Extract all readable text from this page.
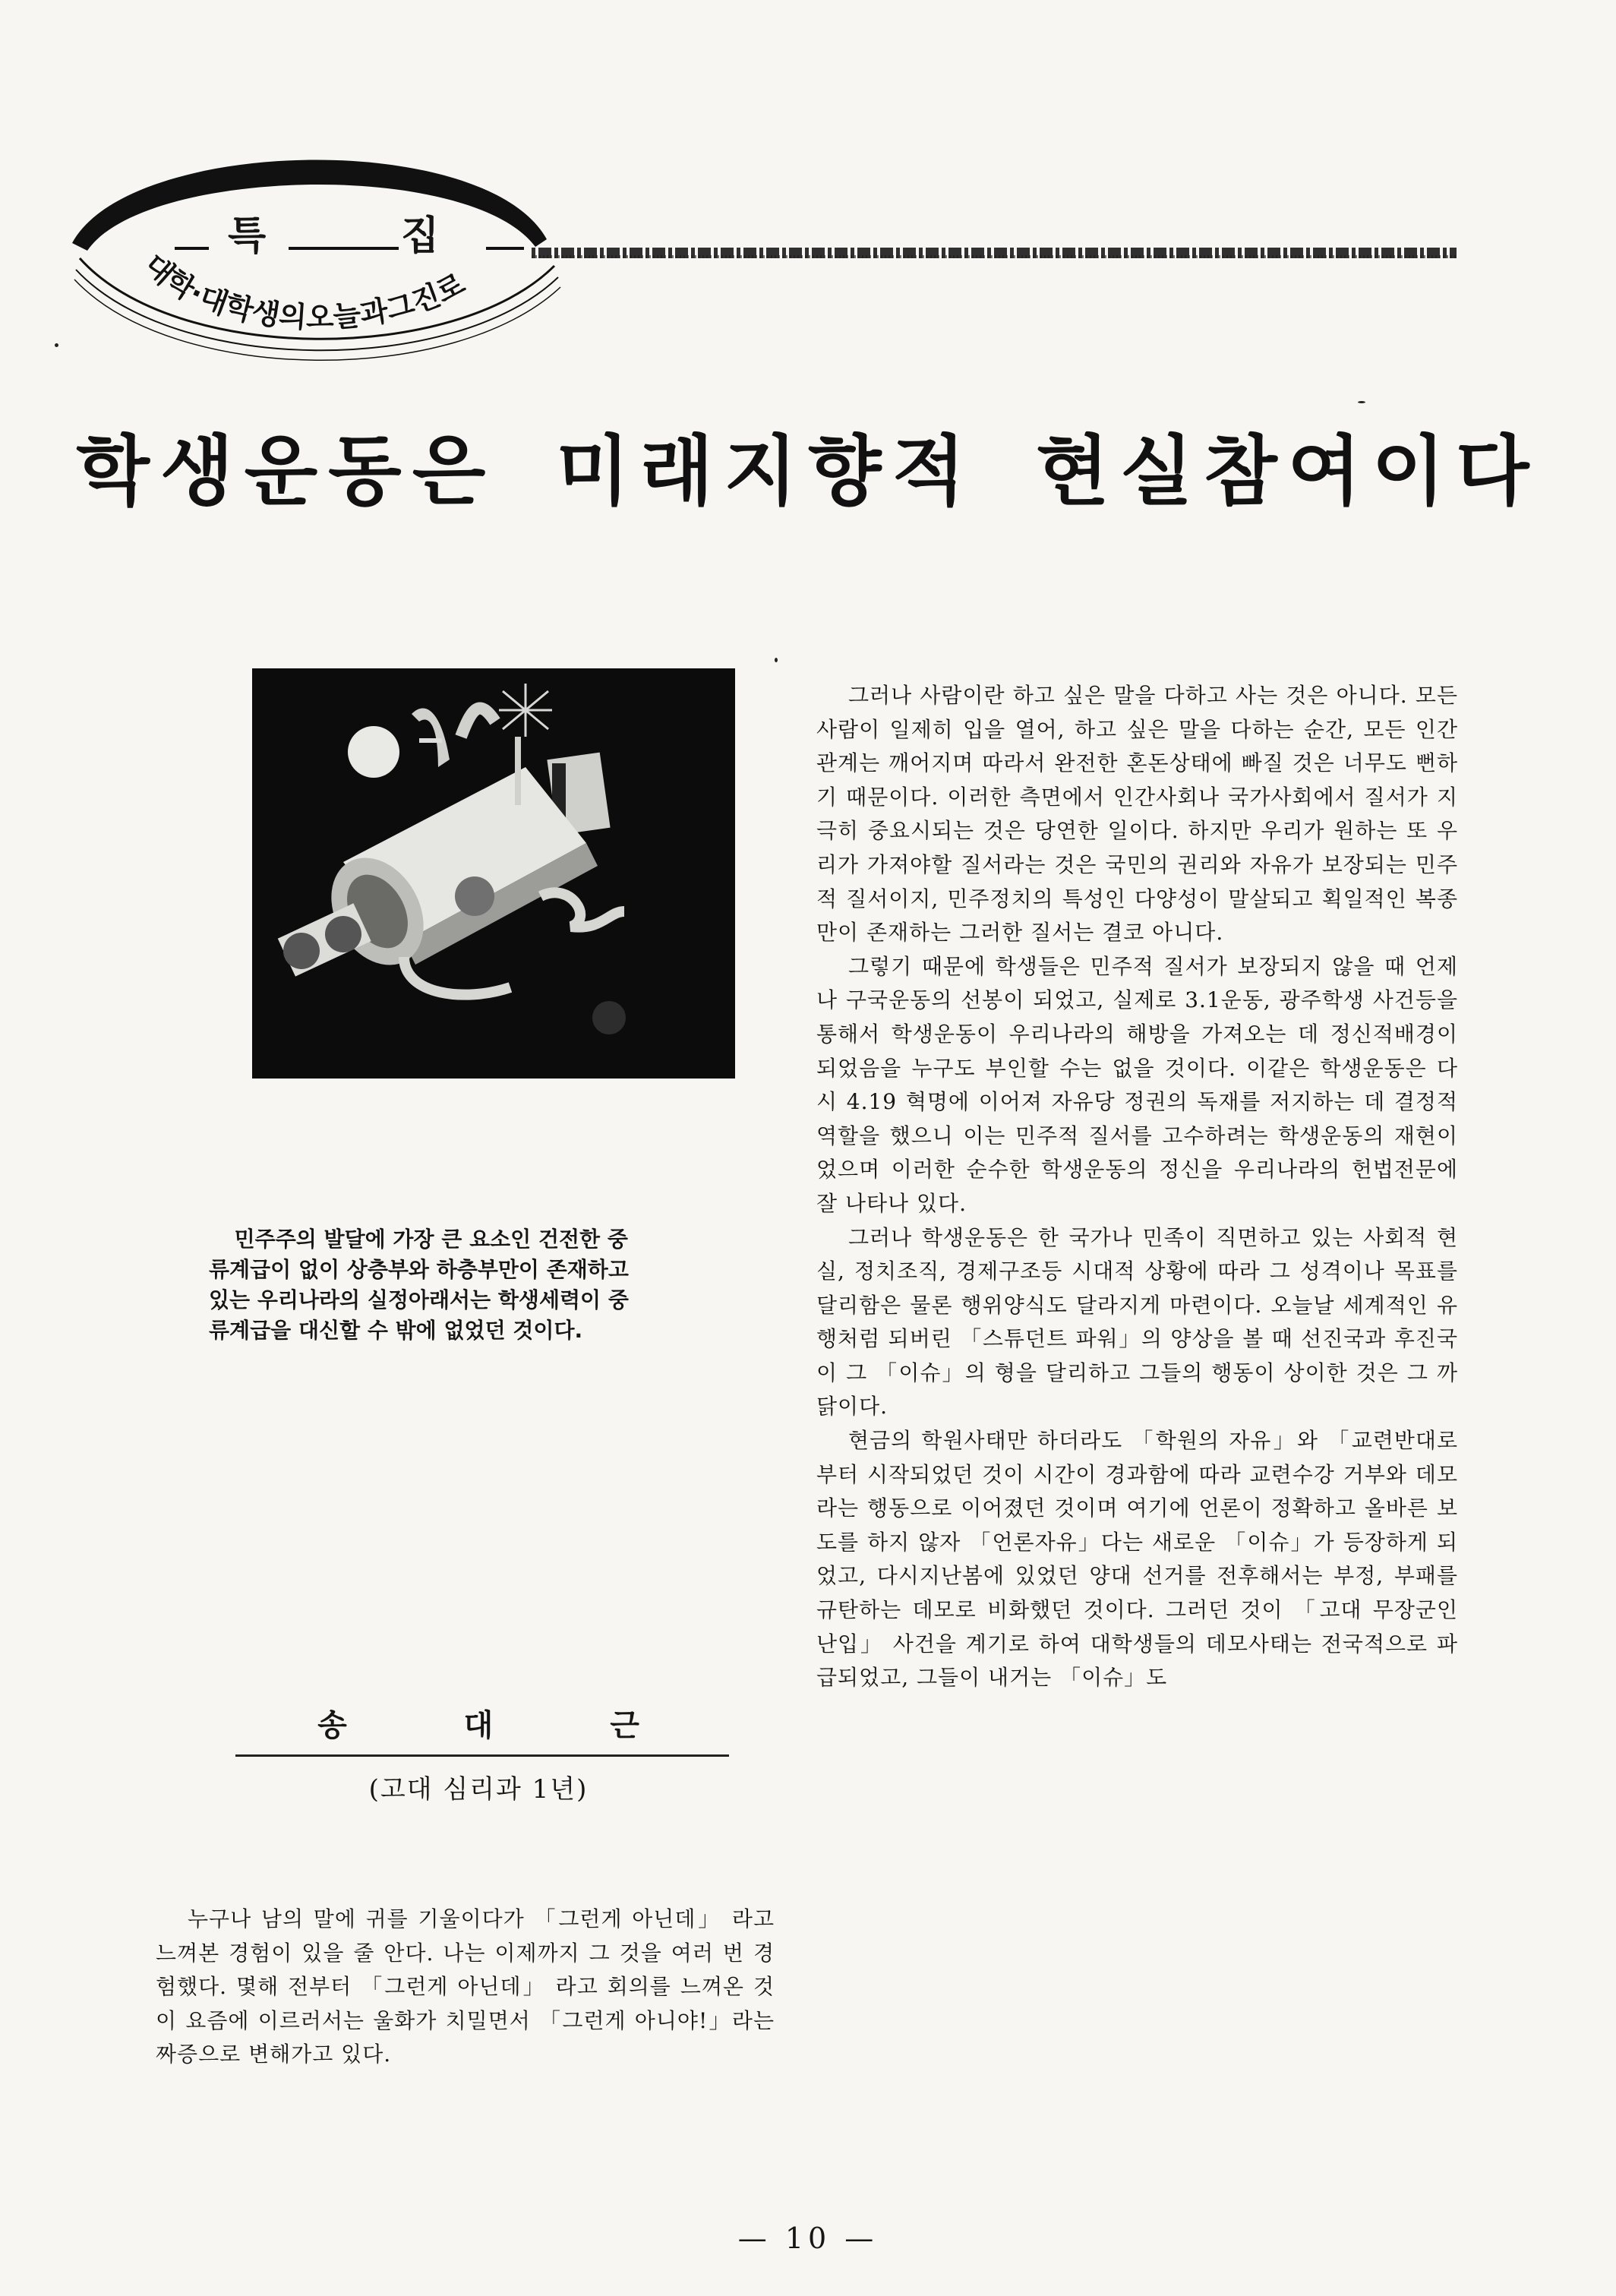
대학·대학생의오늘과그진로
특	집
학생운동은 미래지향적 현실참여이다
민주주의 발달에 가장 큰 요소인 건전한 중
류계급이 없이 상층부와 하층부만이 존재하고
있는 우리나라의 실정아래서는 학생세력이 중
류계급을 대신할 수 밖에 없었던 것이다.
송 대 근
(고대 심리과 1년)

누구나 남의 말에 귀를 기울이다가 「그런게 아닌데」 라고 느껴본 경험이 있을 줄 안다. 나는 이제까지 그 것을 여러 번 경험했다. 몇해 전부터 「그런게 아닌데」 라고 회의를 느껴온 것이 요즘에 이르러서는 울화가 치밀면서 「그런게 아니야!」라는 짜증으로 변해가고 있다.

그러나 사람이란 하고 싶은 말을 다하고 사는 것은 아니다. 모든 사람이 일제히 입을 열어, 하고 싶은 말을 다하는 순간, 모든 인간관계는 깨어지며 따라서 완전한 혼돈상태에 빠질 것은 너무도 뻔하기 때문이다. 이러한 측면에서 인간사회나 국가사회에서 질서가 지극히 중요시되는 것은 당연한 일이다. 하지만 우리가 원하는 또 우리가 가져야할 질서라는 것은 국민의 권리와 자유가 보장되는 민주적 질서이지, 민주정치의 특성인 다양성이 말살되고 획일적인 복종만이 존재하는 그러한 질서는 결코 아니다.

그렇기 때문에 학생들은 민주적 질서가 보장되지 않을 때 언제나 구국운동의 선봉이 되었고, 실제로 3.1운동, 광주학생 사건등을 통해서 학생운동이 우리나라의 해방을 가져오는 데 정신적배경이 되었음을 누구도 부인할 수는 없을 것이다. 이같은 학생운동은 다시 4.19 혁명에 이어져 자유당 정권의 독재를 저지하는 데 결정적 역할을 했으니 이는 민주적 질서를 고수하려는 학생운동의 재현이었으며 이러한 순수한 학생운동의 정신을 우리나라의 헌법전문에 잘 나타나 있다.

그러나 학생운동은 한 국가나 민족이 직면하고 있는 사회적 현실, 정치조직, 경제구조등 시대적 상황에 따라 그 성격이나 목표를 달리함은 물론 행위양식도 달라지게 마련이다. 오늘날 세계적인 유행처럼 되버린 「스튜던트 파워」의 양상을 볼 때 선진국과 후진국이 그 「이슈」의 형을 달리하고 그들의 행동이 상이한 것은 그 까닭이다.

현금의 학원사태만 하더라도 「학원의 자유」와 「교련반대로 부터 시작되었던 것이 시간이 경과함에 따라 교련수강 거부와 데모라는 행동으로 이어졌던 것이며 여기에 언론이 정확하고 올바른 보도를 하지 않자 「언론자유」다는 새로운 「이슈」가 등장하게 되었고, 다시지난봄에 있었던 양대 선거를 전후해서는 부정, 부패를 규탄하는 데모로 비화했던 것이다. 그러던 것이 「고대 무장군인 난입」 사건을 계기로 하여 대학생들의 데모사태는 전국적으로 파급되었고, 그들이 내거는 「이슈」도

— 10 —
